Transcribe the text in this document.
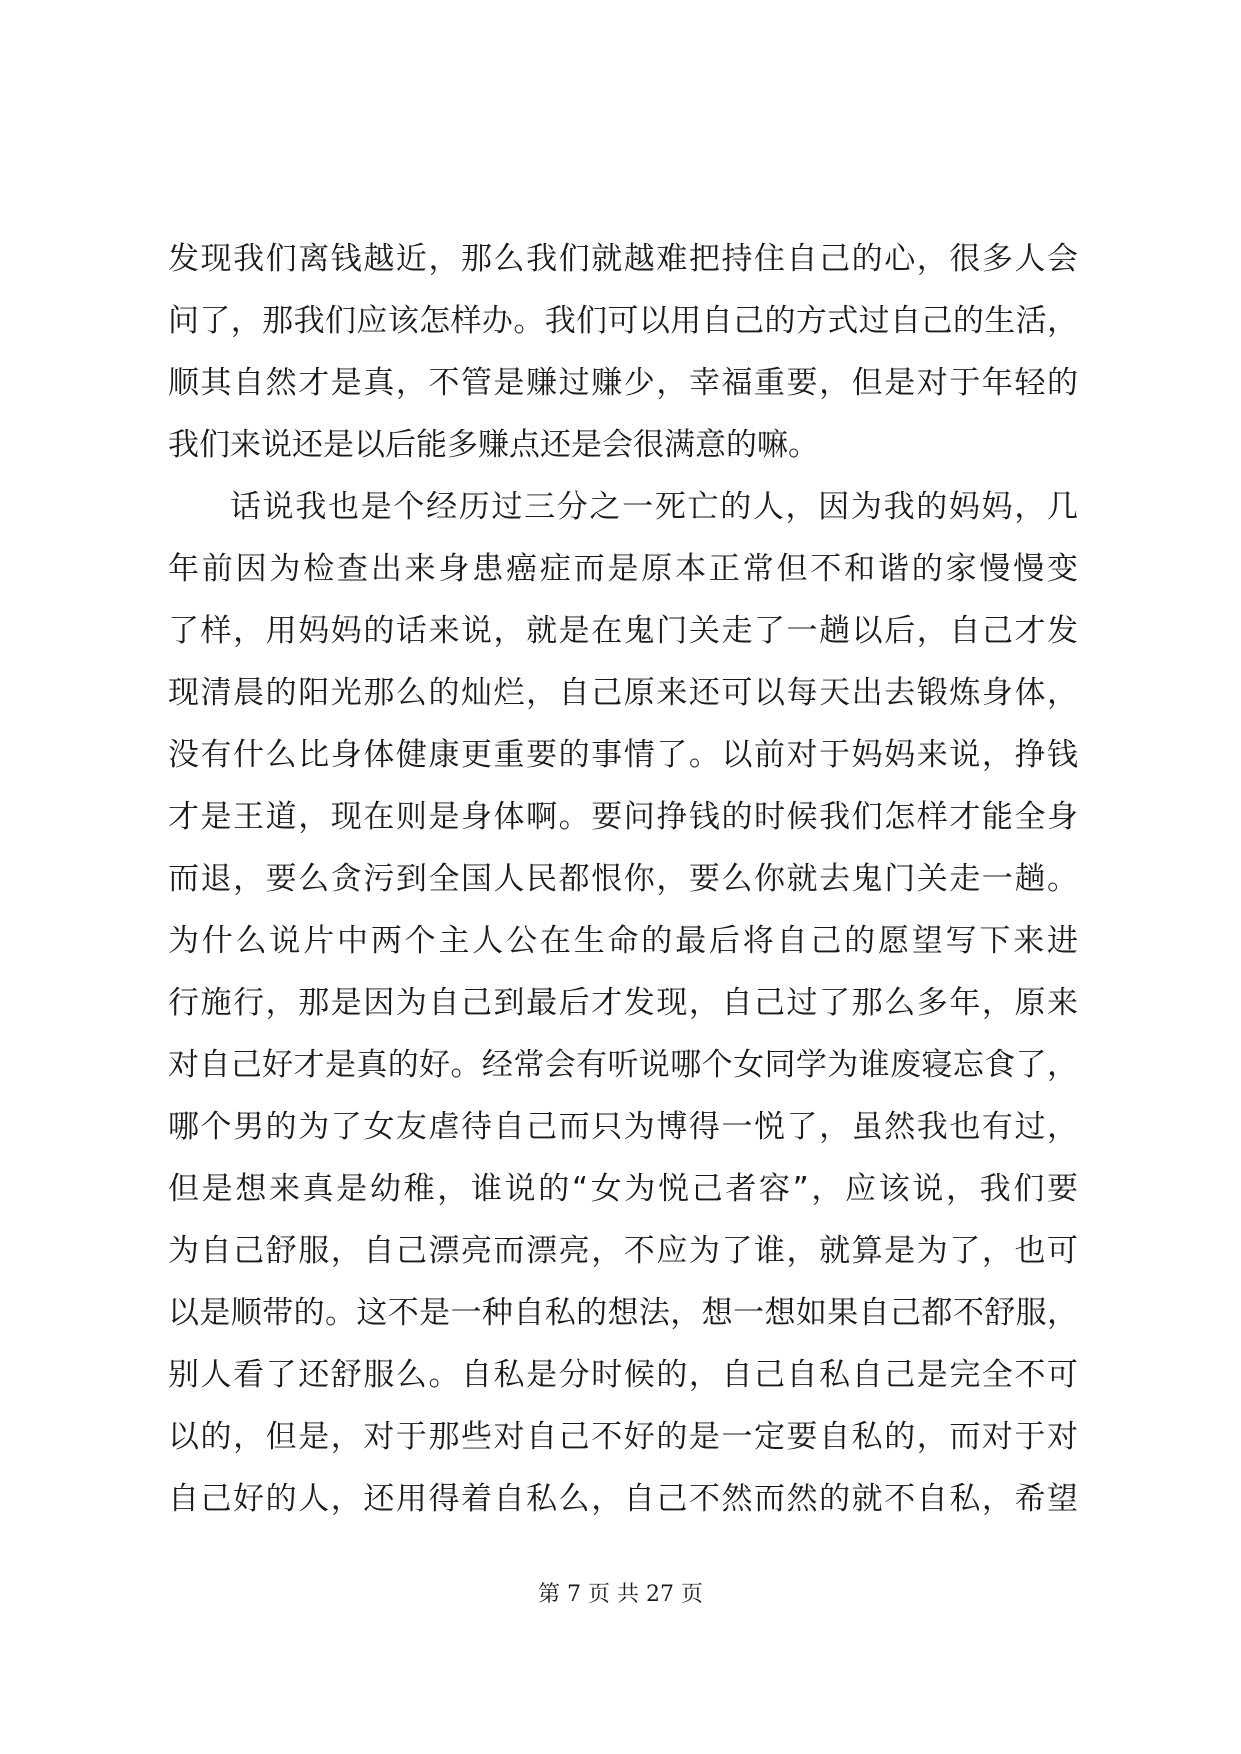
发现我们离钱越近，那么我们就越难把持住自己的心，很多人会
问了，那我们应该怎样办。我们可以用自己的方式过自己的生活，
顺其自然才是真，不管是赚过赚少，幸福重要，但是对于年轻的
我们来说还是以后能多赚点还是会很满意的嘛。
话说我也是个经历过三分之一死亡的人，因为我的妈妈，几
年前因为检查出来身患癌症而是原本正常但不和谐的家慢慢变
了样，用妈妈的话来说，就是在鬼门关走了一趟以后，自己才发
现清晨的阳光那么的灿烂，自己原来还可以每天出去锻炼身体，
没有什么比身体健康更重要的事情了。以前对于妈妈来说，挣钱
才是王道，现在则是身体啊。要问挣钱的时候我们怎样才能全身
而退，要么贪污到全国人民都恨你，要么你就去鬼门关走一趟。
为什么说片中两个主人公在生命的最后将自己的愿望写下来进
行施行，那是因为自己到最后才发现，自己过了那么多年，原来
对自己好才是真的好。经常会有听说哪个女同学为谁废寝忘食了，
哪个男的为了女友虐待自己而只为博得一悦了，虽然我也有过，
但是想来真是幼稚，谁说的“女为悦己者容”，应该说，我们要
为自己舒服，自己漂亮而漂亮，不应为了谁，就算是为了，也可
以是顺带的。这不是一种自私的想法，想一想如果自己都不舒服，
别人看了还舒服么。自私是分时候的，自己自私自己是完全不可
以的，但是，对于那些对自己不好的是一定要自私的，而对于对
自己好的人，还用得着自私么，自己不然而然的就不自私，希望
第 7 页 共 27 页
